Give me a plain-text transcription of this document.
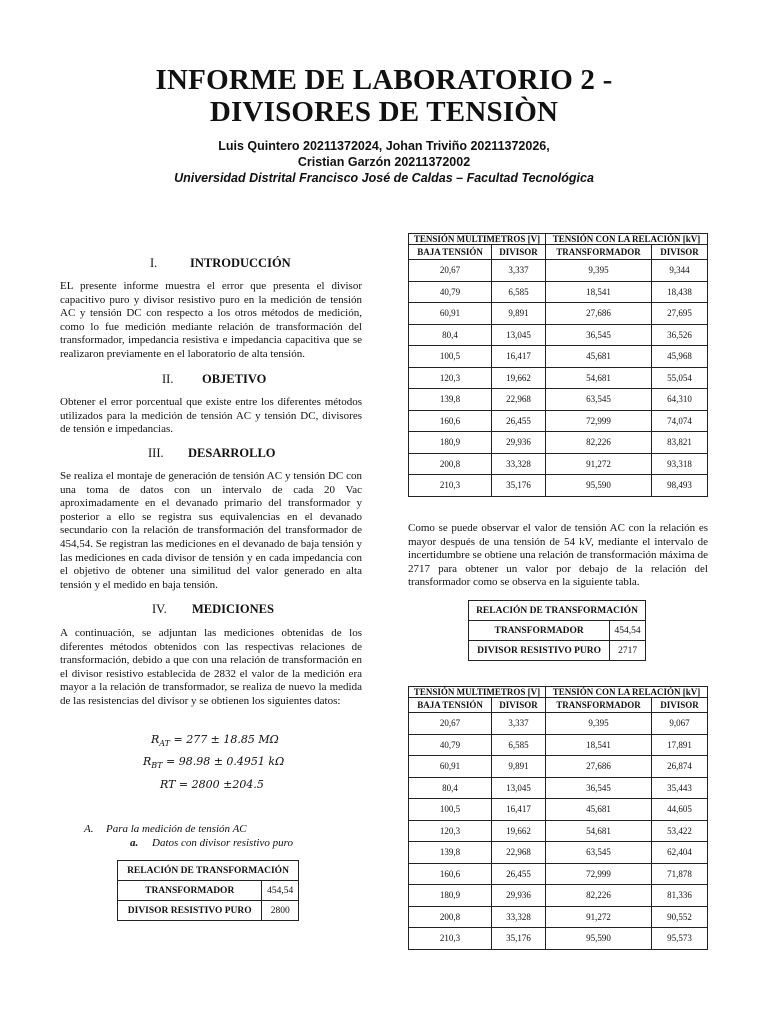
INFORME DE LABORATORIO 2 -
DIVISORES DE TENSIÒN
Luis Quintero 20211372024, Johan Triviño 20211372026,
Cristian Garzón 20211372002
Universidad Distrital Francisco José de Caldas – Facultad Tecnológica
I.	INTRODUCCIÓN
EL presente informe muestra el error que presenta el divisor capacitivo puro y divisor resistivo puro en la medición de tensión AC y tensión DC con respecto a los otros métodos de medición, como lo fue medición mediante relación de transformación del transformador, impedancia resistiva e impedancia capacitiva que se realizaron previamente en el laboratorio de alta tensión.
II. OBJETIVO
Obtener el error porcentual que existe entre los diferentes métodos utilizados para la medición de tensión AC y tensión DC, divisores de tensión e impedancias.
III. DESARROLLO
Se realiza el montaje de generación de tensión AC y tensión DC con una toma de datos con un intervalo de cada 20 Vac aproximadamente en el devanado primario del transformador y posterior a ello se registra sus equivalencias en el devanado secundario con la relación de transformación del transformador de 454,54. Se registran las mediciones en el devanado de baja tensión y las mediciones en cada divisor de tensión y en cada impedancia con el objetivo de obtener una similitud del valor generado en alta tensión y el medido en baja tensión.
IV. MEDICIONES
A continuación, se adjuntan las mediciones obtenidas de los diferentes métodos obtenidos con las respectivas relaciones de transformación, debido a que con una relación de transformación en el divisor resistivo establecida de 2832 el valor de la medición era mayor a la relación de transformador, se realiza de nuevo la medida de las resistencias del divisor y se obtienen los siguientes datos:
$R_{AT} = 277 \pm 18.85$ MΩ
$R_{BT} = 98.98 \pm 0.4951$ kΩ
RT = 2800 ±204.5
A. Para la medición de tensión AC
a. Datos con divisor resistivo puro
RELACIÓN DE TRANSFORMACIÓN	
TRANSFORMADOR	454,54
DIVISOR RESISTIVO PURO	2800
TENSIÓN MULTIMETROS [V]		TENSIÓN CON LA RELACIÓN [kV]	
BAJA TENSIÓN	DIVISOR	TRANSFORMADOR	DIVISOR
20,67	3,337	9,395	9,344
40,79	6,585	18,541	18,438
60,91	9,891	27,686	27,695
80,4	13,045	36,545	36,526
100,5	16,417	45,681	45,968
120,3	19,662	54,681	55,054
139,8	22,968	63,545	64,310
160,6	26,455	72,999	74,074
180,9	29,936	82,226	83,821
200,8	33,328	91,272	93,318
210,3	35,176	95,590	98,493
Como se puede observar el valor de tensión AC con la relación es mayor después de una tensión de 54 kV, mediante el intervalo de incertidumbre se obtiene una relación de transformación máxima de 2717 para obtener un valor por debajo de la relación del transformador como se observa en la siguiente tabla.
RELACIÓN DE TRANSFORMACIÓN	
TRANSFORMADOR	454,54
DIVISOR RESISTIVO PURO	2717
TENSIÓN MULTIMETROS [V]		TENSIÓN CON LA RELACIÓN [kV]	
BAJA TENSIÓN	DIVISOR	TRANSFORMADOR	DIVISOR
20,67	3,337	9,395	9,067
40,79	6,585	18,541	17,891
60,91	9,891	27,686	26,874
80,4	13,045	36,545	35,443
100,5	16,417	45,681	44,605
120,3	19,662	54,681	53,422
139,8	22,968	63,545	62,404
160,6	26,455	72,999	71,878
180,9	29,936	82,226	81,336
200,8	33,328	91,272	90,552
210,3	35,176	95,590	95,573
